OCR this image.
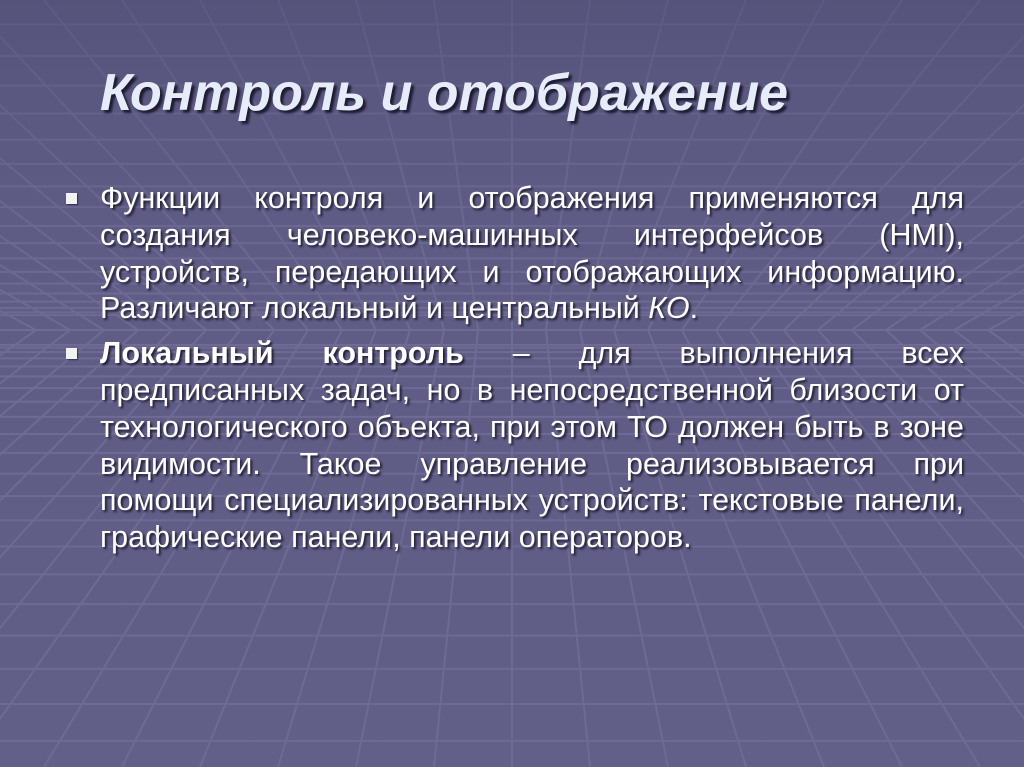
Контроль и отображение

Функции контроля и отображения применяются для создания человеко-машинных интерфейсов (HMI), устройств, передающих и отображающих информацию. Различают локальный и центральный КО.

Локальный контроль – для выполнения всех предписанных задач, но в непосредственной близости от технологического объекта, при этом ТО должен быть в зоне видимости. Такое управление реализовывается при помощи специализированных устройств: текстовые панели, графические панели, панели операторов.
